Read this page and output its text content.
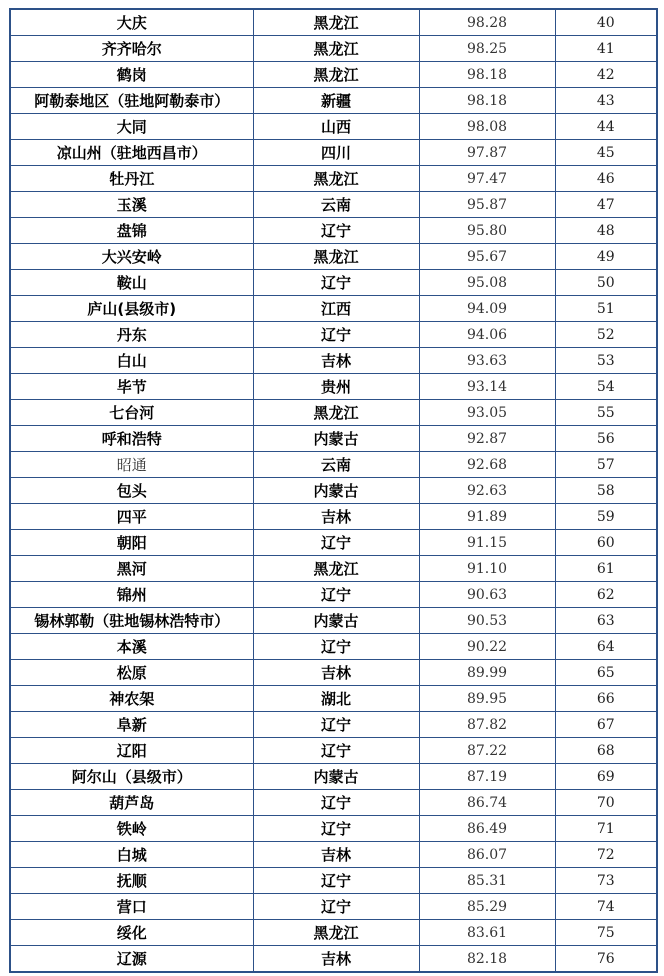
大庆	黑龙江	98.28	40
齐齐哈尔	黑龙江	98.25	41
鹤岗	黑龙江	98.18	42
阿勒泰地区（驻地阿勒泰市）	新疆	98.18	43
大同	山西	98.08	44
凉山州（驻地西昌市）	四川	97.87	45
牡丹江	黑龙江	97.47	46
玉溪	云南	95.87	47
盘锦	辽宁	95.80	48
大兴安岭	黑龙江	95.67	49
鞍山	辽宁	95.08	50
庐山(县级市)	江西	94.09	51
丹东	辽宁	94.06	52
白山	吉林	93.63	53
毕节	贵州	93.14	54
七台河	黑龙江	93.05	55
呼和浩特	内蒙古	92.87	56
昭通	云南	92.68	57
包头	内蒙古	92.63	58
四平	吉林	91.89	59
朝阳	辽宁	91.15	60
黑河	黑龙江	91.10	61
锦州	辽宁	90.63	62
锡林郭勒（驻地锡林浩特市）	内蒙古	90.53	63
本溪	辽宁	90.22	64
松原	吉林	89.99	65
神农架	湖北	89.95	66
阜新	辽宁	87.82	67
辽阳	辽宁	87.22	68
阿尔山（县级市）	内蒙古	87.19	69
葫芦岛	辽宁	86.74	70
铁岭	辽宁	86.49	71
白城	吉林	86.07	72
抚顺	辽宁	85.31	73
营口	辽宁	85.29	74
绥化	黑龙江	83.61	75
辽源	吉林	82.18	76
